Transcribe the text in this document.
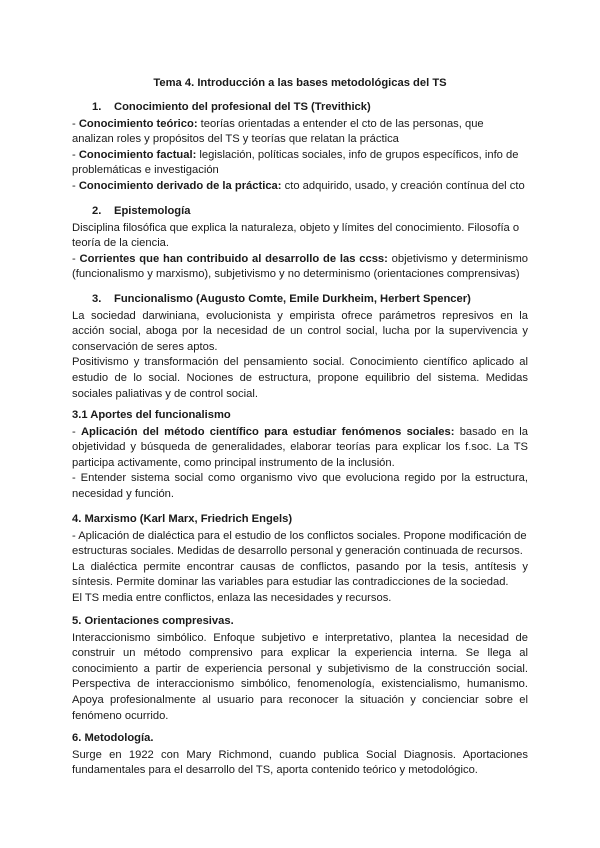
Tema 4. Introducción a las bases metodológicas del TS
1. Conocimiento del profesional del TS (Trevithick)

- Conocimiento teórico: teorías orientadas a entender el cto de las personas, que analizan roles y propósitos del TS y teorías que relatan la práctica

- Conocimiento factual: legislación, políticas sociales, info de grupos específicos, info de problemáticas e investigación

- Conocimiento derivado de la práctica: cto adquirido, usado, y creación contínua del cto

2. Epistemología

Disciplina filosófica que explica la naturaleza, objeto y límites del conocimiento. Filosofía o teoría de la ciencia.

- Corrientes que han contribuido al desarrollo de las ccss: objetivismo y determinismo (funcionalismo y marxismo), subjetivismo y no determinismo (orientaciones comprensivas)

3. Funcionalismo (Augusto Comte, Emile Durkheim, Herbert Spencer)

La sociedad darwiniana, evolucionista y empirista ofrece parámetros represivos en la acción social, aboga por la necesidad de un control social, lucha por la supervivencia y conservación de seres aptos.

Positivismo y transformación del pensamiento social. Conocimiento científico aplicado al estudio de lo social. Nociones de estructura, propone equilibrio del sistema. Medidas sociales paliativas y de control social.

3.1 Aportes del funcionalismo

- Aplicación del método científico para estudiar fenómenos sociales: basado en la objetividad y búsqueda de generalidades, elaborar teorías para explicar los f.soc. La TS participa activamente, como principal instrumento de la inclusión.

- Entender sistema social como organismo vivo que evoluciona regido por la estructura, necesidad y función.

4. Marxismo (Karl Marx, Friedrich Engels)

- Aplicación de dialéctica para el estudio de los conflictos sociales. Propone modificación de estructuras sociales. Medidas de desarrollo personal y generación continuada de recursos.

La dialéctica permite encontrar causas de conflictos, pasando por la tesis, antítesis y síntesis. Permite dominar las variables para estudiar las contradicciones de la sociedad.

El TS media entre conflictos, enlaza las necesidades y recursos.

5. Orientaciones compresivas.

Interaccionismo simbólico. Enfoque subjetivo e interpretativo, plantea la necesidad de construir un método comprensivo para explicar la experiencia interna. Se llega al conocimiento a partir de experiencia personal y subjetivismo de la construcción social. Perspectiva de interaccionismo simbólico, fenomenología, existencialismo, humanismo. Apoya profesionalmente al usuario para reconocer la situación y concienciar sobre el fenómeno ocurrido.

6. Metodología.

Surge en 1922 con Mary Richmond, cuando publica Social Diagnosis. Aportaciones fundamentales para el desarrollo del TS, aporta contenido teórico y metodológico.
